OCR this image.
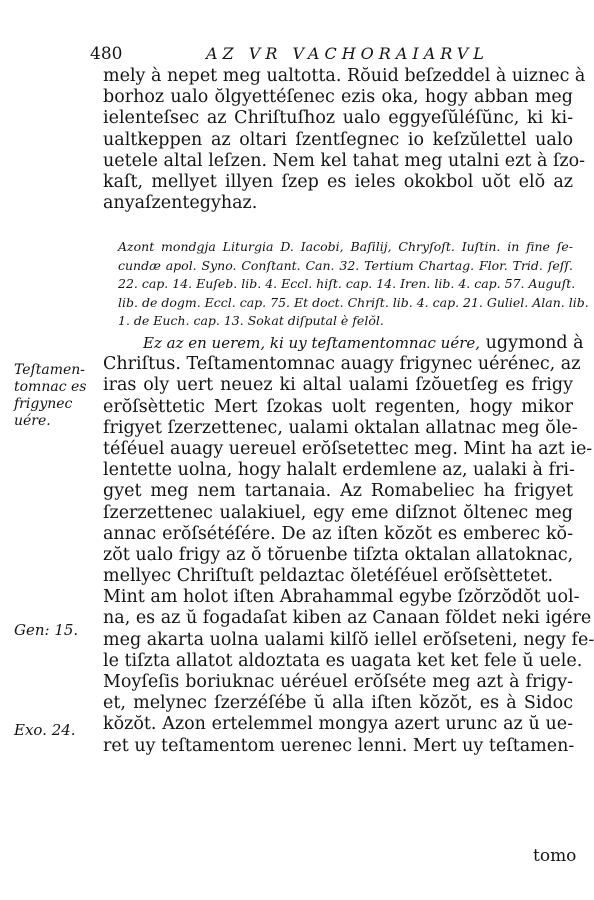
480	AZ VR VACHORAIARVL
mely à nepet meg ualtotta. Rŏuid beſzeddel à uiznec à
borhoz ualo ŏlgyettéſenec ezis oka, hogy abban meg
ielenteſsec az Chriſtuſhoz ualo eggyeſŭléſŭnc, ki ki-
ualtkeppen az oltari ſzentſegnec io keſzŭlettel ualo
uetele altal leſzen. Nem kel tahat meg utalni ezt à ſzo-
kaſt, mellyet illyen ſzep es ieles okokbol uŏt elŏ az
anyaſzentegyhaz.
Azont mondgja Liturgia D. Iacobi, Baſilij, Chryſoſt. Iuſtin. in fine ſe-
cundæ apol. Syno. Conſtant. Can. 32. Tertium Chartag. Flor. Trid. ſeſſ.
22. cap. 14. Euſeb. lib. 4. Eccl. hiſt. cap. 14. Iren. lib. 4. cap. 57. Auguſt.
lib. de dogm. Eccl. cap. 75. Et doct. Chriſt. lib. 4. cap. 21. Guliel. Alan. lib.
1. de Euch. cap. 13. Sokat diſputal è felŏl.
Ez az en uerem, ki uy teſtamentomnac uére, ugymond à
Chriſtus. Teſtamentomnac auagy frigynec uérénec, az
iras oly uert neuez ki altal ualami ſzŏuetſeg es frigy
erŏſsèttetic Mert ſzokas uolt regenten, hogy mikor
frigyet ſzerzettenec, ualami oktalan allatnac meg ŏle-
téſéuel auagy uereuel erŏſsetettec meg. Mint ha azt ie-
lentette uolna, hogy halalt erdemlene az, ualaki à fri-
gyet meg nem tartanaia. Az Romabeliec ha frigyet
ſzerzettenec ualakiuel, egy eme diſznot ŏltenec meg
annac erŏſsétéſére. De az iſten kŏzŏt es emberec kŏ-
zŏt ualo frigy az ŏ tŏruenbe tiſzta oktalan allatoknac,
mellyec Chriſtuſt peldaztac ŏletéſéuel erŏſsèttetet.
Mint am holot iſten Abrahammal egybe ſzŏrzŏdŏt uol-
na, es az ŭ fogadaſat kiben az Canaan fŏldet neki igére
meg akarta uolna ualami kilſŏ iellel erŏſseteni, negy fe-
le tiſzta allatot aldoztata es uagata ket ket fele ŭ uele.
Moyſeſis boriuknac uéréuel erŏſséte meg azt à frigy-
et, melynec ſzerzéſébe ŭ alla iſten kŏzŏt, es à Sidoc
kŏzŏt. Azon ertelemmel mongya azert urunc az ŭ ue-
ret uy teſtamentom uerenec lenni. Mert uy teſtamen-
Teſtamen-
tomnac es
frigynec
uére.
Gen: 15.
Exo. 24.
tomo
